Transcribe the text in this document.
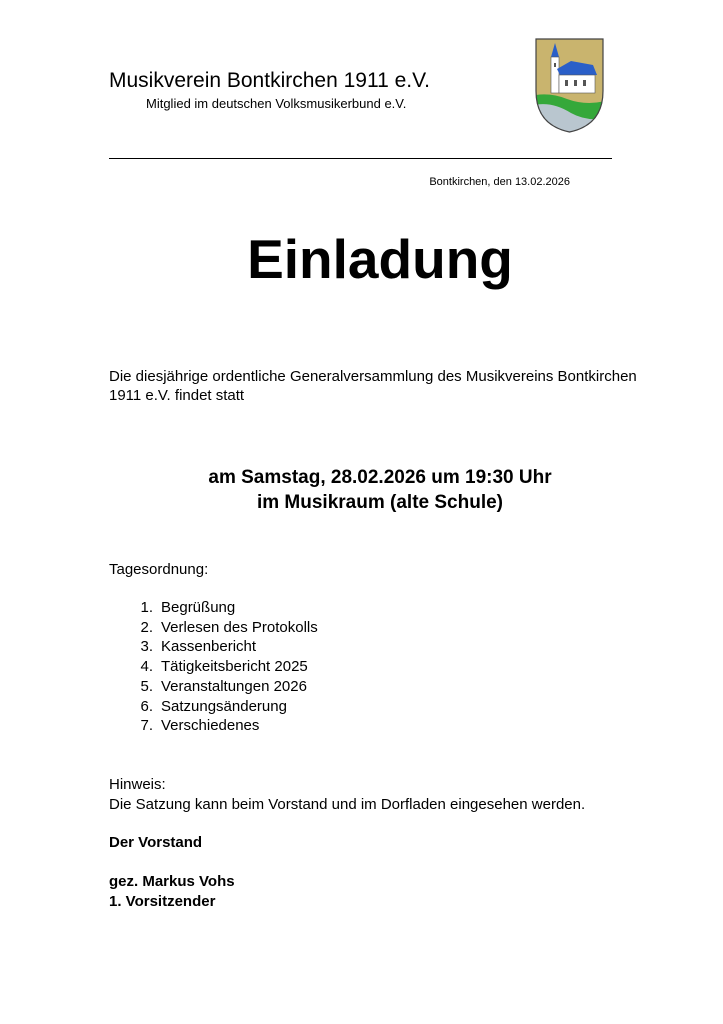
Musikverein Bontkirchen 1911 e.V.
Mitglied im deutschen Volksmusikerbund e.V.
Bontkirchen, den 13.02.2026
Einladung
Die diesjährige ordentliche Generalversammlung des Musikvereins Bontkirchen 1911 e.V. findet statt
am Samstag, 28.02.2026 um 19:30 Uhr
im Musikraum (alte Schule)
Tagesordnung:
1. Begrüßung
2. Verlesen des Protokolls
3. Kassenbericht
4. Tätigkeitsbericht 2025
5. Veranstaltungen 2026
6. Satzungsänderung
7. Verschiedenes
Hinweis:
Die Satzung kann beim Vorstand und im Dorfladen eingesehen werden.
Der Vorstand
gez. Markus Vohs
1. Vorsitzender
